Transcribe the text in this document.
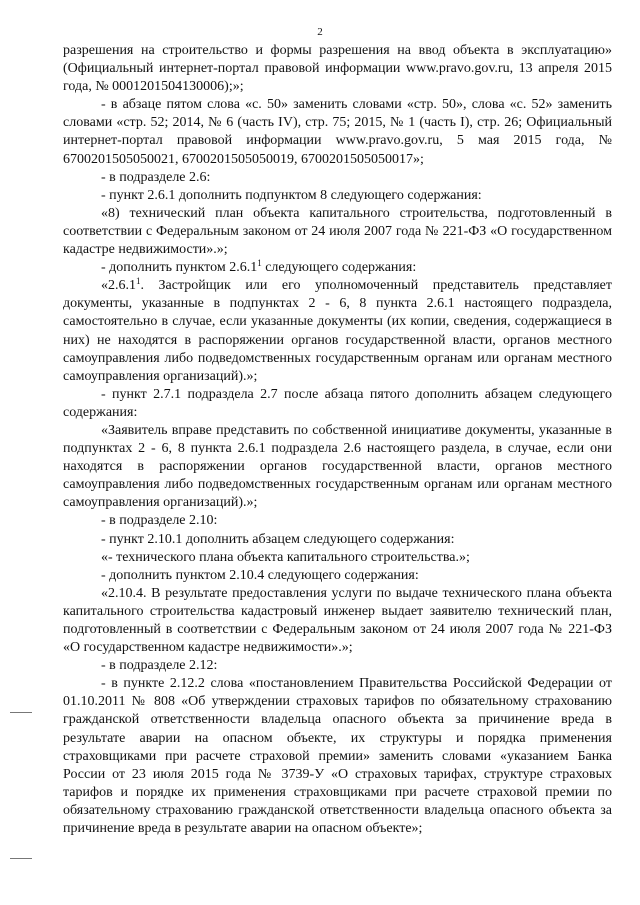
2

разрешения на строительство и формы разрешения на ввод объекта в эксплуатацию» (Официальный интернет-портал правовой информации www.pravo.gov.ru, 13 апреля 2015 года, № 0001201504130006);»;

- в абзаце пятом слова «с. 50» заменить словами «стр. 50», слова «с. 52» заменить словами «стр. 52; 2014, № 6 (часть IV), стр. 75; 2015, № 1 (часть I), стр. 26; Официальный интернет-портал правовой информации www.pravo.gov.ru, 5 мая 2015 года, № 6700201505050021, 6700201505050019, 6700201505050017»;

- в подразделе 2.6:

- пункт 2.6.1 дополнить подпунктом 8 следующего содержания:

«8) технический план объекта капитального строительства, подготовленный в соответствии с Федеральным законом от 24 июля 2007 года № 221-ФЗ «О государственном кадастре недвижимости».»;

- дополнить пунктом 2.6.1$^1$ следующего содержания:

«2.6.1$^1$. Застройщик или его уполномоченный представитель представляет документы, указанные в подпунктах 2 - 6, 8 пункта 2.6.1 настоящего подраздела, самостоятельно в случае, если указанные документы (их копии, сведения, содержащиеся в них) не находятся в распоряжении органов государственной власти, органов местного самоуправления либо подведомственных государственным органам или органам местного самоуправления организаций).»;

- пункт 2.7.1 подраздела 2.7 после абзаца пятого дополнить абзацем следующего содержания:

«Заявитель вправе представить по собственной инициативе документы, указанные в подпунктах 2 - 6, 8 пункта 2.6.1 подраздела 2.6 настоящего раздела, в случае, если они находятся в распоряжении органов государственной власти, органов местного самоуправления либо подведомственных государственным органам или органам местного самоуправления организаций).»;

- в подразделе 2.10:

- пункт 2.10.1 дополнить абзацем следующего содержания:

«- технического плана объекта капитального строительства.»;

- дополнить пунктом 2.10.4 следующего содержания:

«2.10.4. В результате предоставления услуги по выдаче технического плана объекта капитального строительства кадастровый инженер выдает заявителю технический план, подготовленный в соответствии с Федеральным законом от 24 июля 2007 года № 221-ФЗ «О государственном кадастре недвижимости».»;

- в подразделе 2.12:

- в пункте 2.12.2 слова «постановлением Правительства Российской Федерации от 01.10.2011 № 808 «Об утверждении страховых тарифов по обязательному страхованию гражданской ответственности владельца опасного объекта за причинение вреда в результате аварии на опасном объекте, их структуры и порядка применения страховщиками при расчете страховой премии» заменить словами «указанием Банка России от 23 июля 2015 года № 3739-У «О страховых тарифах, структуре страховых тарифов и порядке их применения страховщиками при расчете страховой премии по обязательному страхованию гражданской ответственности владельца опасного объекта за причинение вреда в результате аварии на опасном объекте»;
